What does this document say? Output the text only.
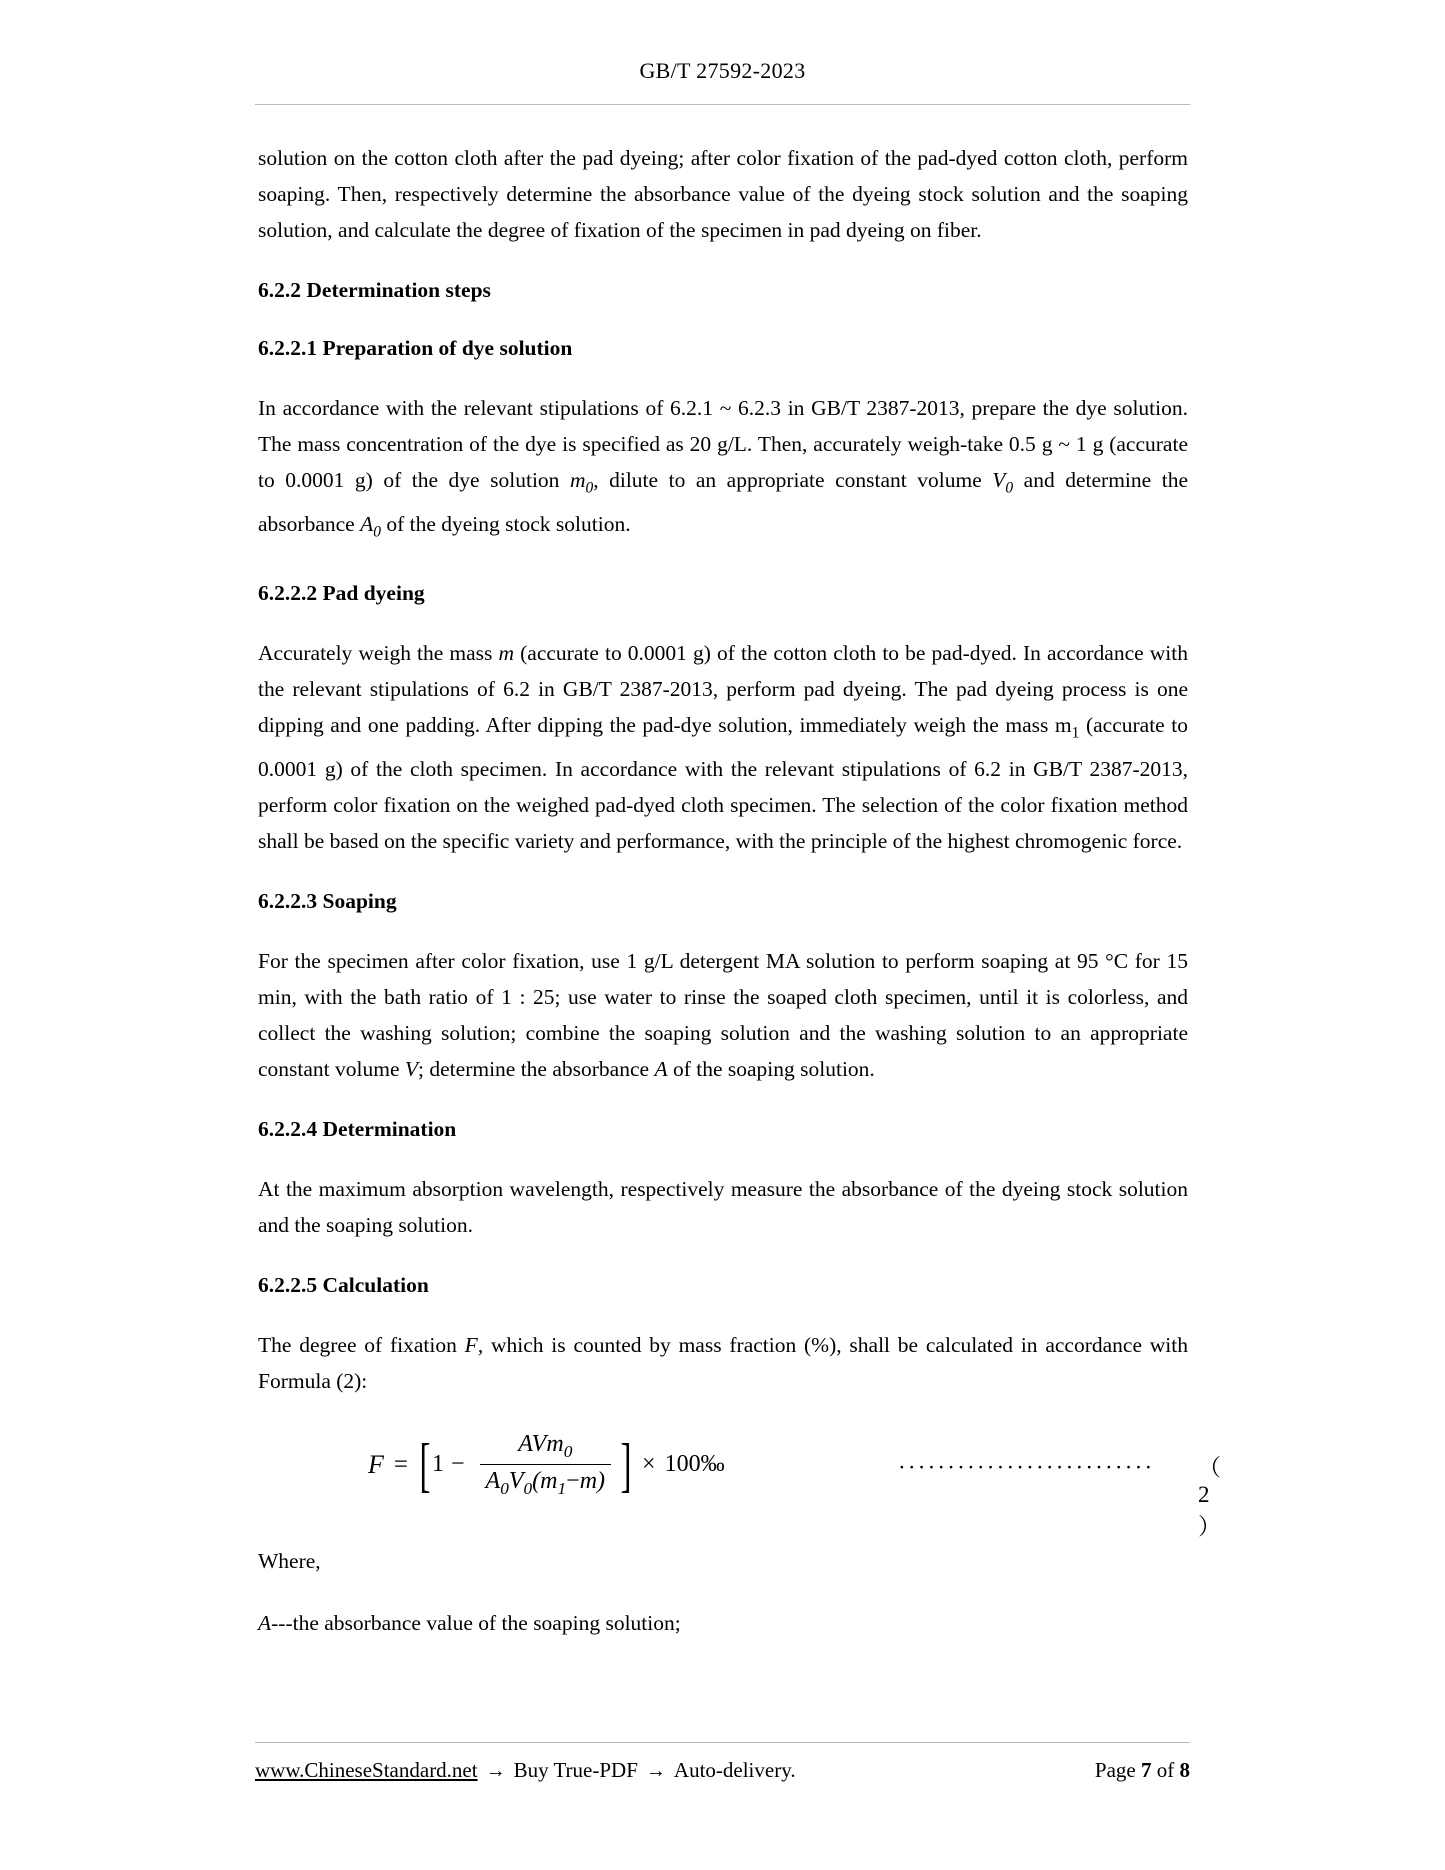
GB/T 27592-2023

solution on the cotton cloth after the pad dyeing; after color fixation of the pad-dyed cotton cloth, perform soaping. Then, respectively determine the absorbance value of the dyeing stock solution and the soaping solution, and calculate the degree of fixation of the specimen in pad dyeing on fiber.

6.2.2 Determination steps
6.2.2.1 Preparation of dye solution

In accordance with the relevant stipulations of 6.2.1 ~ 6.2.3 in GB/T 2387-2013, prepare the dye solution. The mass concentration of the dye is specified as 20 g/L. Then, accurately weigh-take 0.5 g ~ 1 g (accurate to 0.0001 g) of the dye solution $m_0$, dilute to an appropriate constant volume $V_0$ and determine the absorbance $A_0$ of the dyeing stock solution.

6.2.2.2 Pad dyeing

Accurately weigh the mass m (accurate to 0.0001 g) of the cotton cloth to be pad-dyed. In accordance with the relevant stipulations of 6.2 in GB/T 2387-2013, perform pad dyeing. The pad dyeing process is one dipping and one padding. After dipping the pad-dye solution, immediately weigh the mass $m_1$ (accurate to 0.0001 g) of the cloth specimen. In accordance with the relevant stipulations of 6.2 in GB/T 2387-2013, perform color fixation on the weighed pad-dyed cloth specimen. The selection of the color fixation method shall be based on the specific variety and performance, with the principle of the highest chromogenic force.

6.2.2.3 Soaping

For the specimen after color fixation, use 1 g/L detergent MA solution to perform soaping at 95 °C for 15 min, with the bath ratio of 1 : 25; use water to rinse the soaped cloth specimen, until it is colorless, and collect the washing solution; combine the soaping solution and the washing solution to an appropriate constant volume V; determine the absorbance A of the soaping solution.

6.2.2.4 Determination

At the maximum absorption wavelength, respectively measure the absorbance of the dyeing stock solution and the soaping solution.

6.2.2.5 Calculation

The degree of fixation F, which is counted by mass fraction (%), shall be calculated in accordance with Formula (2):

F = [ $1 - \frac{AVm_0}{A_0V_0(m_1-m)}$ ] × 100‰	·························· （ 2 ）

Where,

A---the absorbance value of the soaping solution;

www.ChineseStandard.net → Buy True-PDF → Auto-delivery.	Page 7 of 8
